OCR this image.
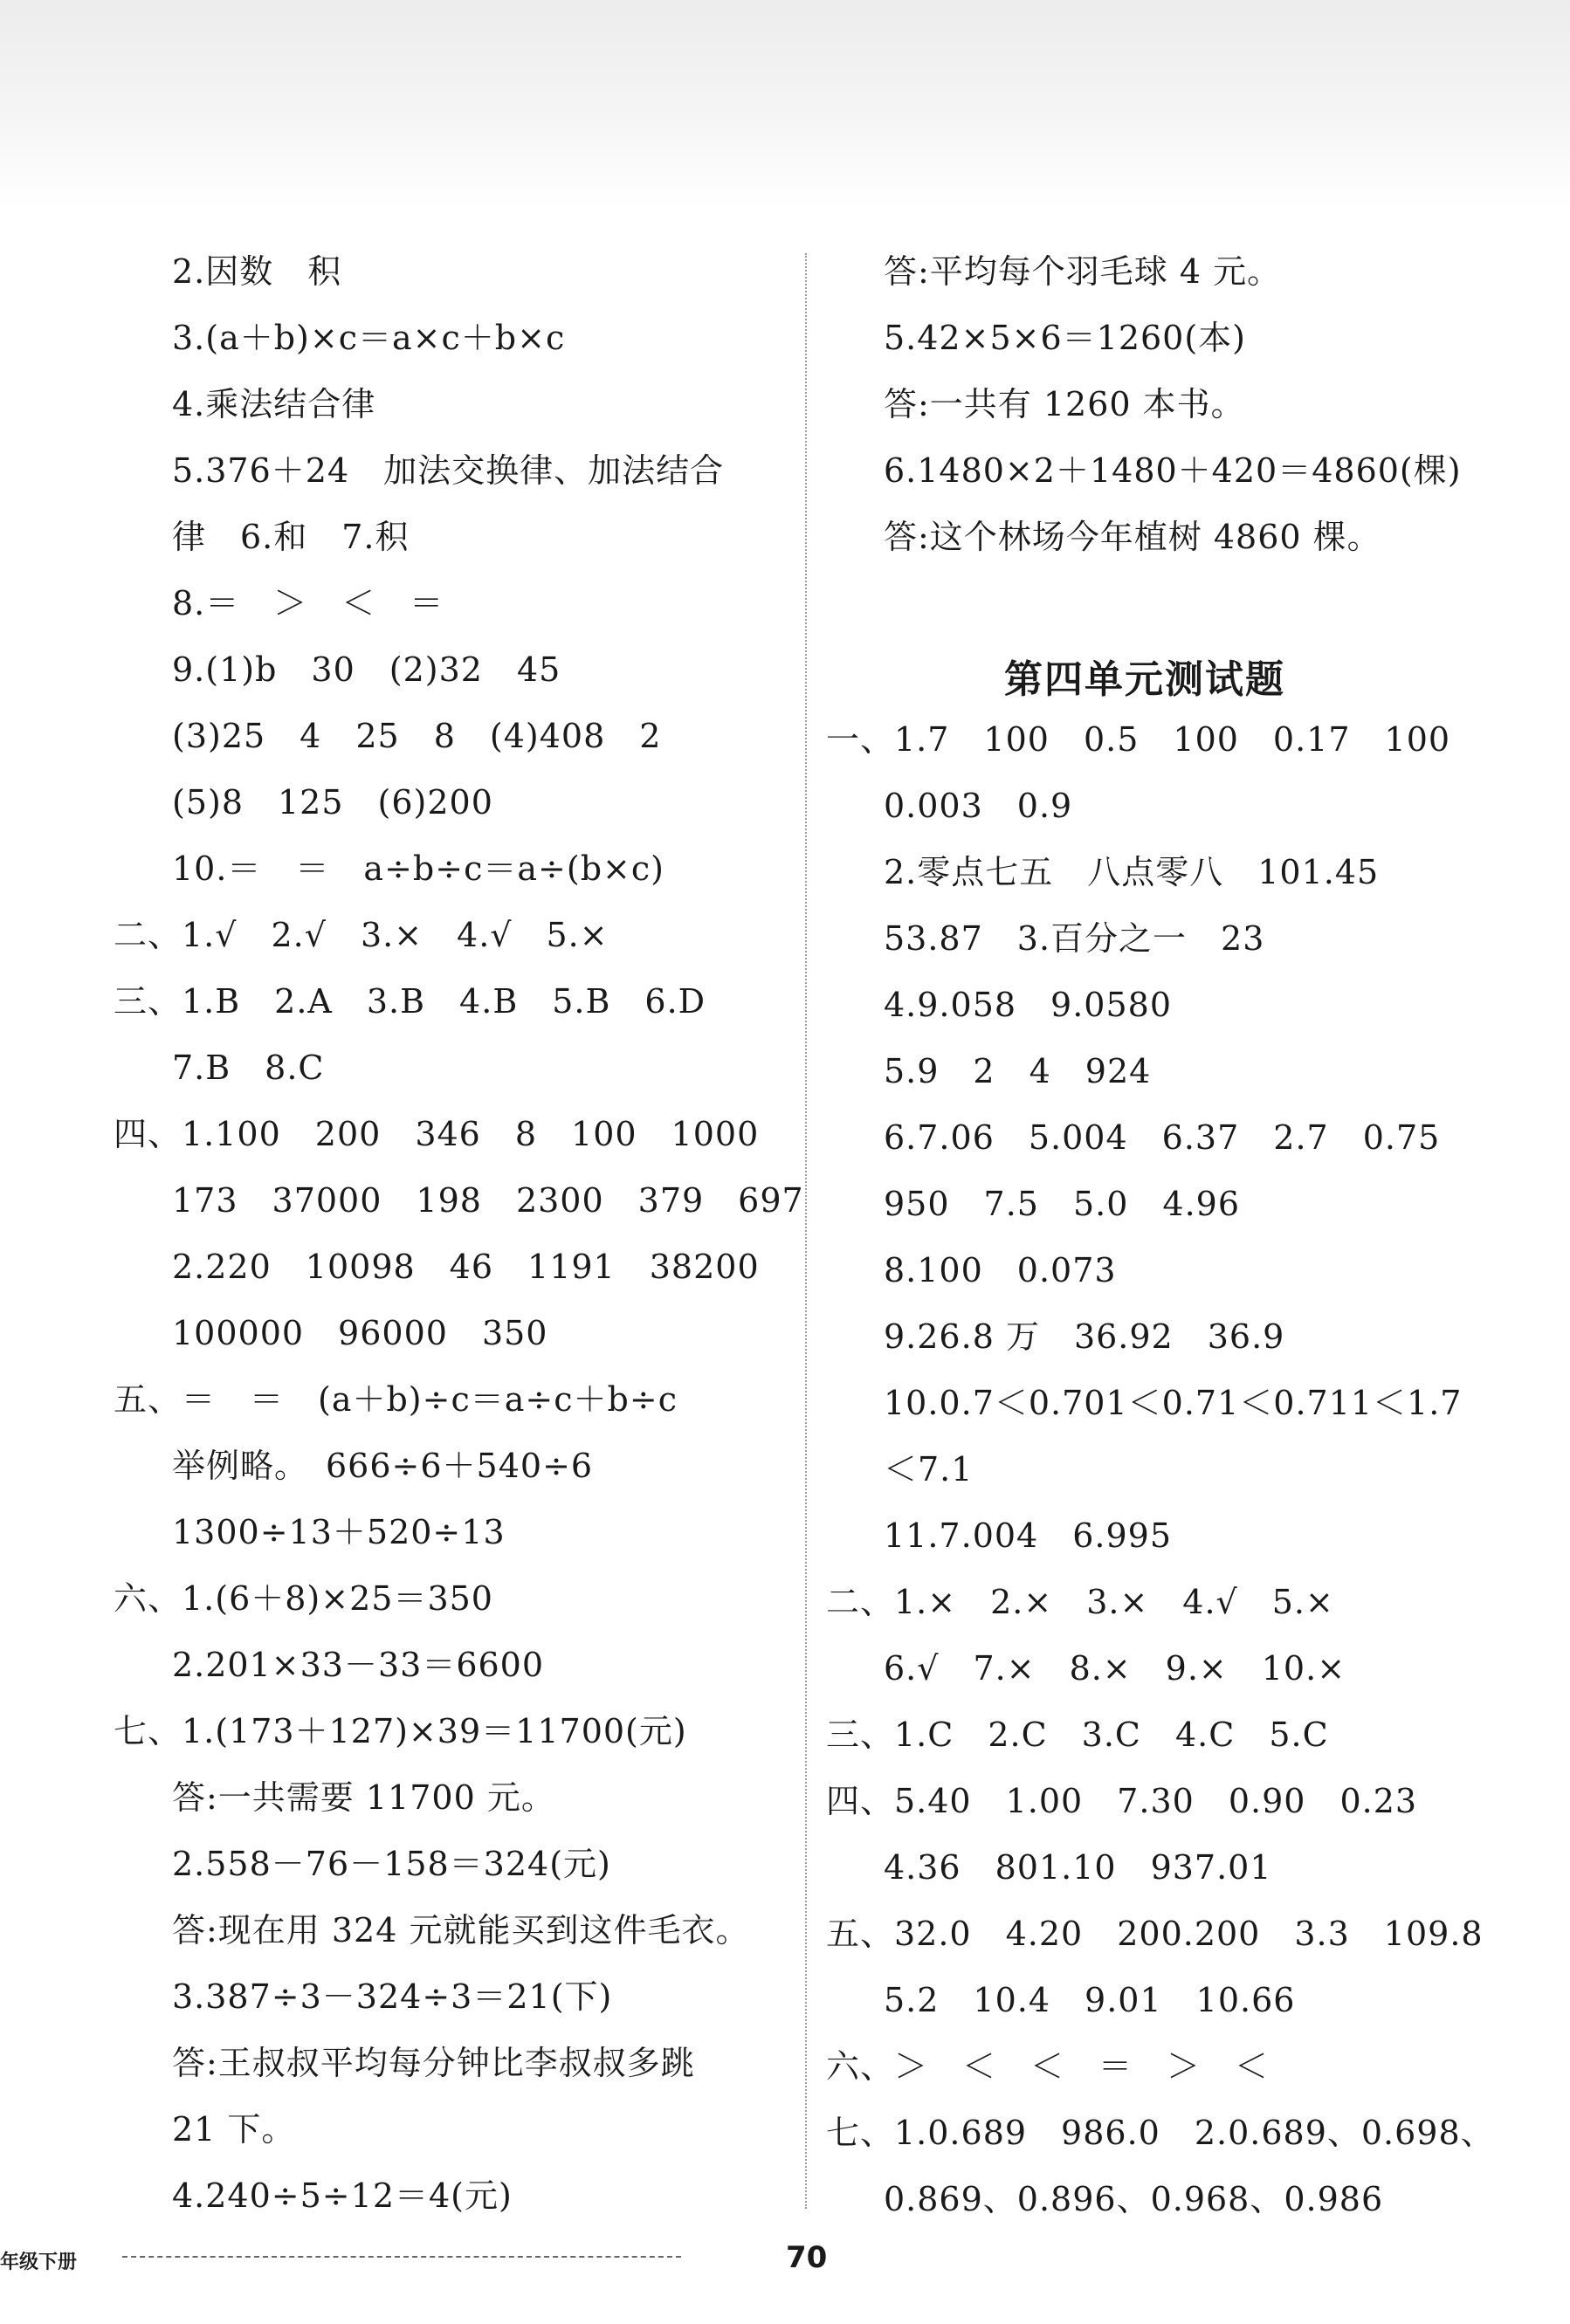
2.因数　积
3.(a＋b)×c＝a×c＋b×c
4.乘法结合律
5.376＋24　加法交换律、加法结合
律　6.和　7.积
8.＝　＞　＜　＝
9.(1)b　30　(2)32　45
(3)25　4　25　8　(4)408　2
(5)8　125　(6)200
10.＝　＝　a÷b÷c＝a÷(b×c)
二、1.√　2.√　3.×　4.√　5.×
三、1.B　2.A　3.B　4.B　5.B　6.D
7.B　8.C
四、1.100　200　346　8　100　1000
173　37000　198　2300　379　697
2.220　10098　46　1191　38200
100000　96000　350
五、＝　＝　(a＋b)÷c＝a÷c＋b÷c
举例略。　666÷6＋540÷6
1300÷13＋520÷13
六、1.(6＋8)×25＝350
2.201×33－33＝6600
七、1.(173＋127)×39＝11700(元)
答:一共需要 11700 元。
2.558－76－158＝324(元)
答:现在用 324 元就能买到这件毛衣。
3.387÷3－324÷3＝21(下)
答:王叔叔平均每分钟比李叔叔多跳
21 下。
4.240÷5÷12＝4(元)
答:平均每个羽毛球 4 元。
5.42×5×6＝1260(本)
答:一共有 1260 本书。
6.1480×2＋1480＋420＝4860(棵)
答:这个林场今年植树 4860 棵。
第四单元测试题
一、1.7　100　0.5　100　0.17　100
0.003　0.9
2.零点七五　八点零八　101.45
53.87　3.百分之一　23
4.9.058　9.0580
5.9　2　4　924
6.7.06　5.004　6.37　2.7　0.75
950　7.5　5.0　4.96
8.100　0.073
9.26.8 万　36.92　36.9
10.0.7＜0.701＜0.71＜0.711＜1.7
＜7.1
11.7.004　6.995
二、1.×　2.×　3.×　4.√　5.×
6.√　7.×　8.×　9.×　10.×
三、1.C　2.C　3.C　4.C　5.C
四、5.40　1.00　7.30　0.90　0.23
4.36　801.10　937.01
五、32.0　4.20　200.200　3.3　109.8
5.2　10.4　9.01　10.66
六、＞　＜　＜　＝　＞　＜
七、1.0.689　986.0　2.0.689、0.698、
0.869、0.896、0.968、0.986
年级下册	70
